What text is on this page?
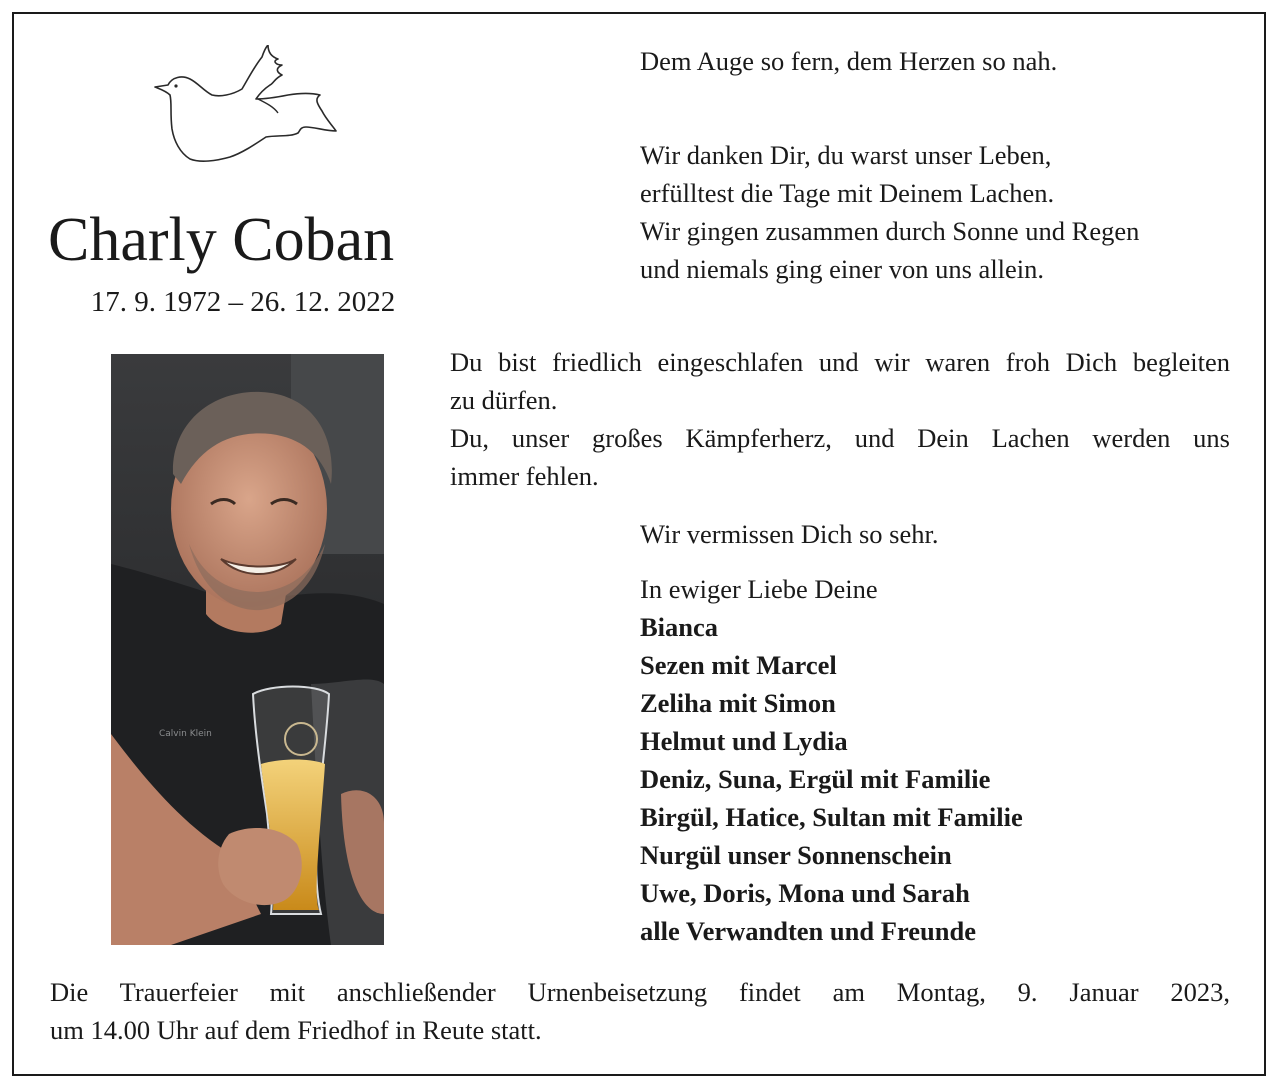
Charly Coban
17. 9. 1972 – 26. 12. 2022
Calvin Klein
Dem Auge so fern, dem Herzen so nah.
Wir danken Dir, du warst unser Leben,
erfülltest die Tage mit Deinem Lachen.
Wir gingen zusammen durch Sonne und Regen
und niemals ging einer von uns allein.
Du bist friedlich eingeschlafen und wir waren froh Dich begleiten
zu dürfen.
Du, unser großes Kämpferherz, und Dein Lachen werden uns
immer fehlen.
Wir vermissen Dich so sehr.
In ewiger Liebe Deine
Bianca
Sezen mit Marcel
Zeliha mit Simon
Helmut und Lydia
Deniz, Suna, Ergül mit Familie
Birgül, Hatice, Sultan mit Familie
Nurgül unser Sonnenschein
Uwe, Doris, Mona und Sarah
alle Verwandten und Freunde
Die Trauerfeier mit anschließender Urnenbeisetzung findet am Montag, 9. Januar 2023,
um 14.00 Uhr auf dem Friedhof in Reute statt.
